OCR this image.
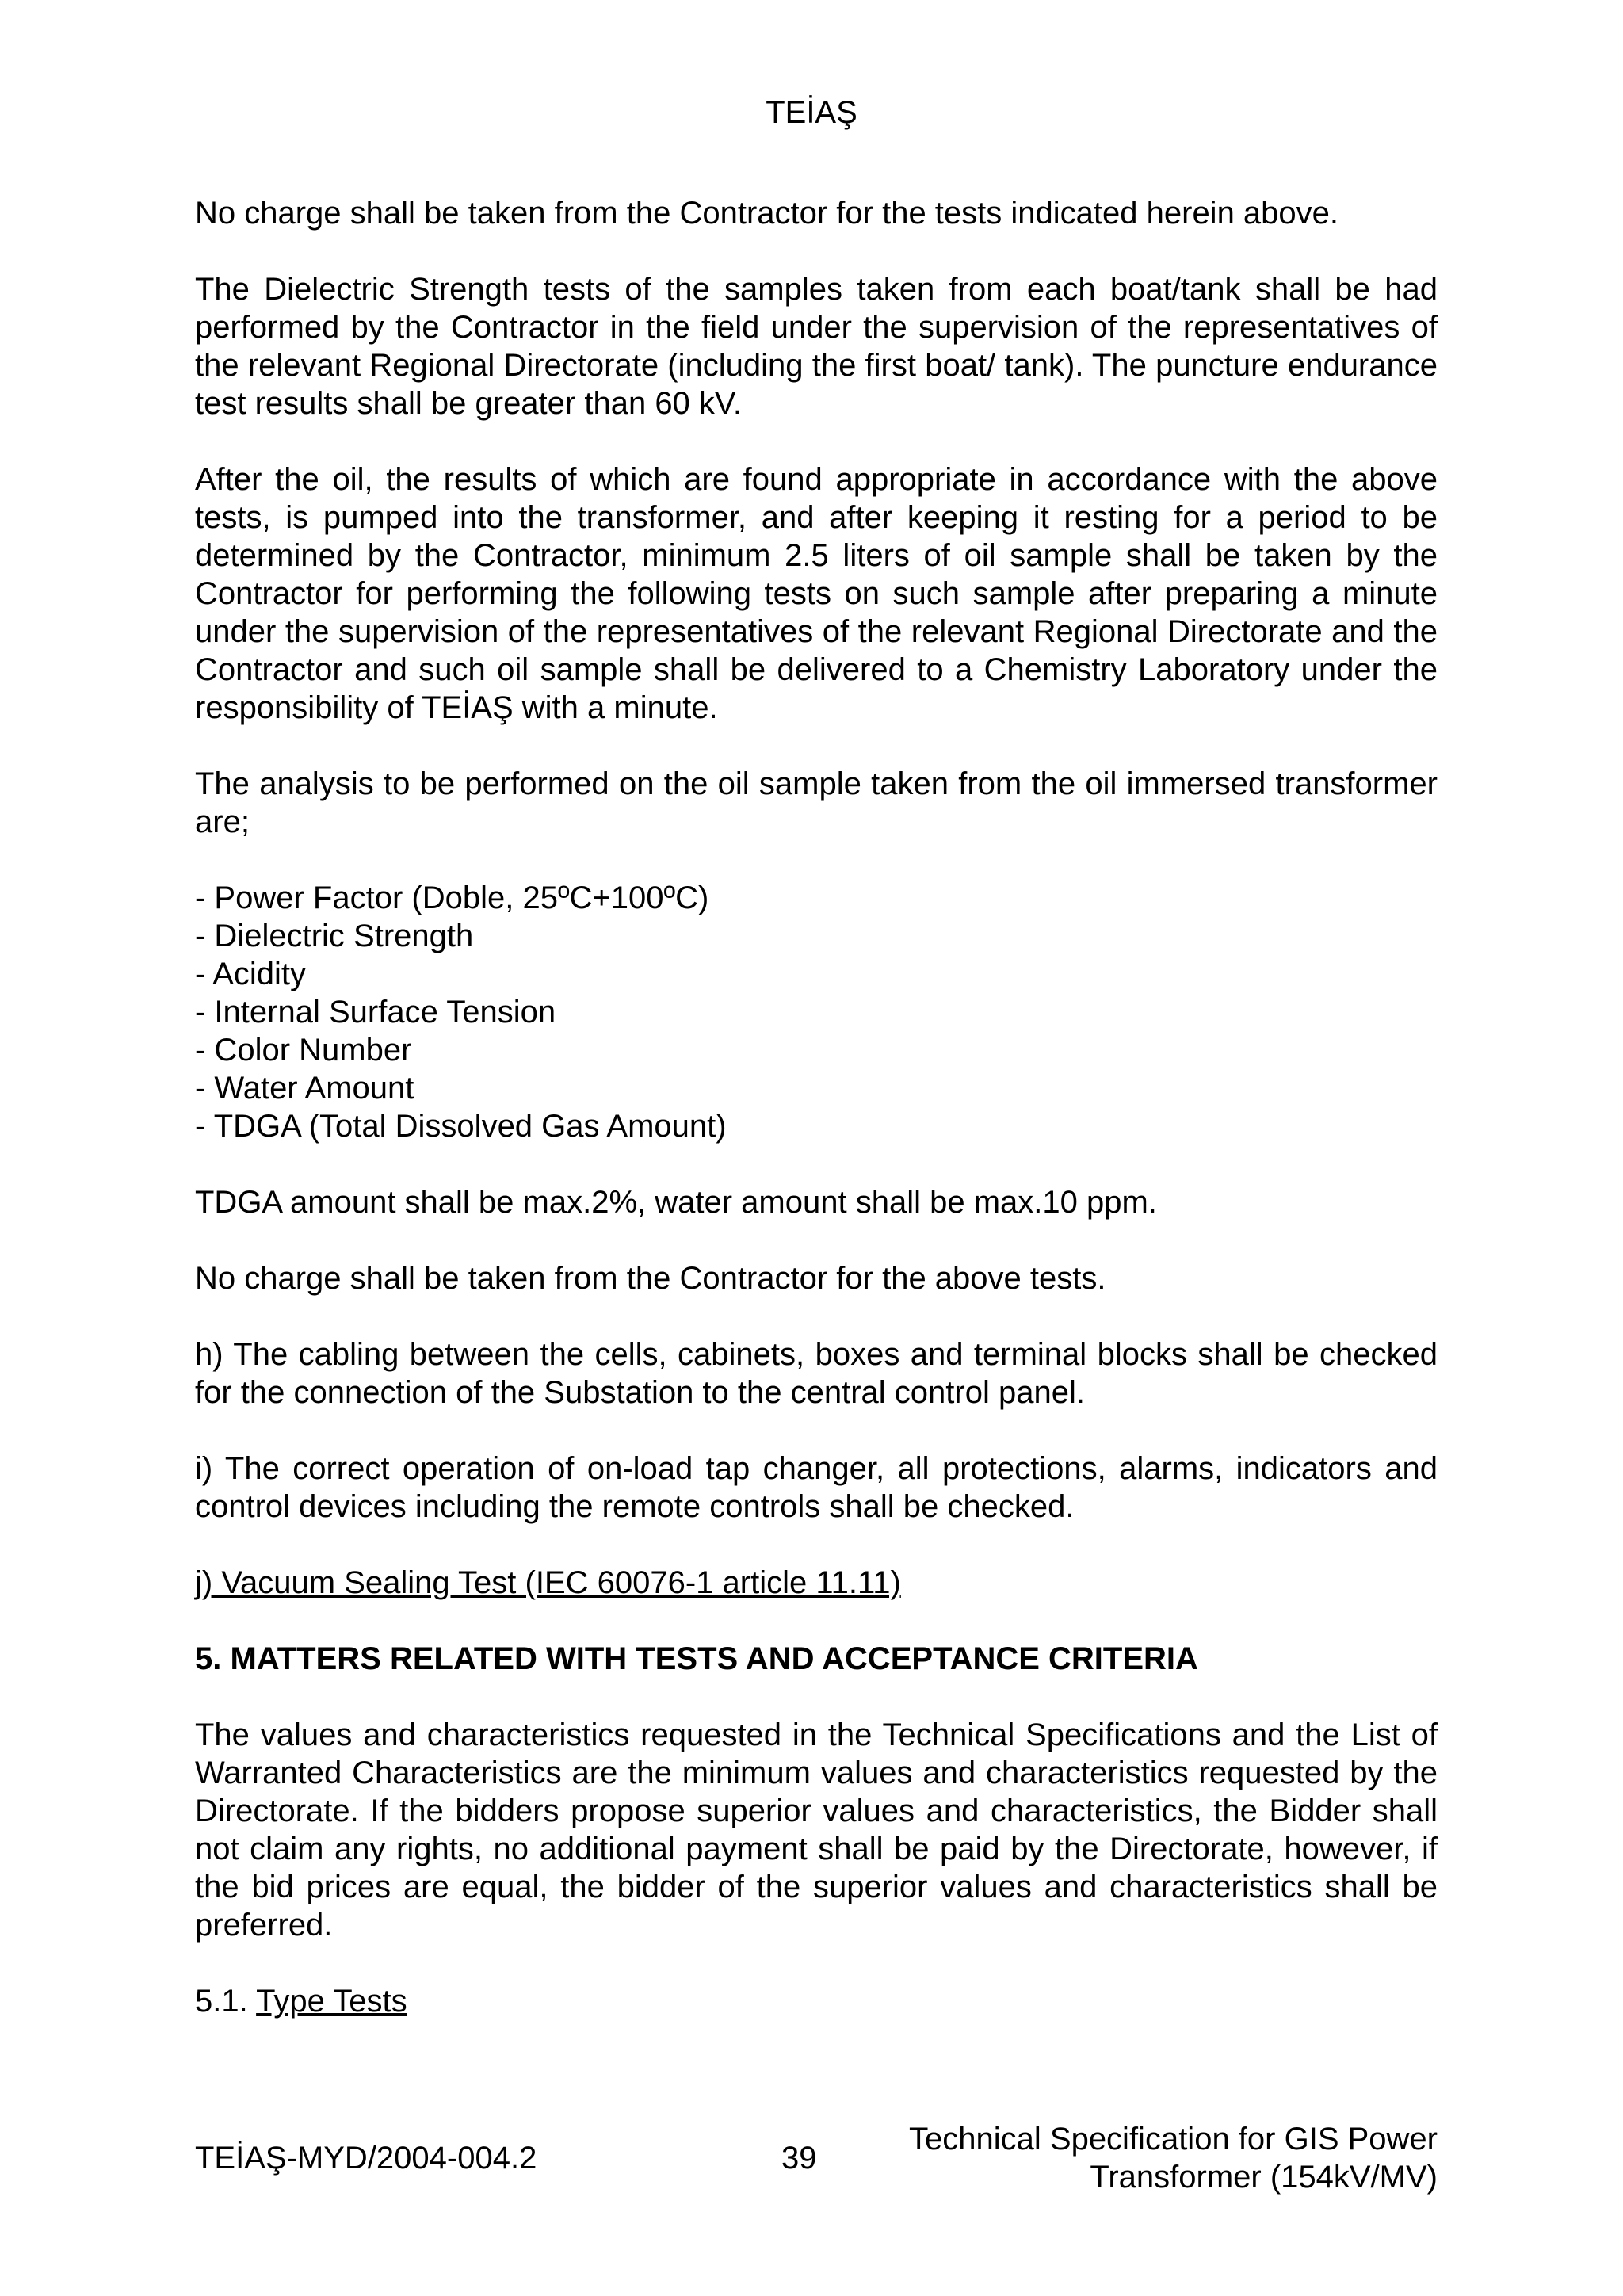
TEİAŞ

No charge shall be taken from the Contractor for the tests indicated herein above.

The Dielectric Strength tests of the samples taken from each boat/tank shall be had performed by the Contractor in the field under the supervision of the representatives of the relevant Regional Directorate (including the first boat/ tank). The puncture endurance test results shall be greater than 60 kV.

After the oil, the results of which are found appropriate in accordance with the above tests, is pumped into the transformer, and after keeping it resting for a period to be determined by the Contractor, minimum 2.5 liters of oil sample shall be taken by the Contractor for performing the following tests on such sample after preparing a minute under the supervision of the representatives of the relevant Regional Directorate and the Contractor and such oil sample shall be delivered to a Chemistry Laboratory under the responsibility of TEİAŞ with a minute.

The analysis to be performed on the oil sample taken from the oil immersed transformer are;

- Power Factor (Doble, 25ºC+100ºC)
- Dielectric Strength
- Acidity
- Internal Surface Tension
- Color Number
- Water Amount
- TDGA (Total Dissolved Gas Amount)

TDGA amount shall be max.2%, water amount shall be max.10 ppm.

No charge shall be taken from the Contractor for the above tests.

h) The cabling between the cells, cabinets, boxes and terminal blocks shall be checked for the connection of the Substation to the central control panel.

i) The correct operation of on-load tap changer, all protections, alarms, indicators and control devices including the remote controls shall be checked.

j) Vacuum Sealing Test (IEC 60076-1 article 11.11)

5. MATTERS RELATED WITH TESTS AND ACCEPTANCE CRITERIA

The values and characteristics requested in the Technical Specifications and the List of Warranted Characteristics are the minimum values and characteristics requested by the Directorate. If the bidders propose superior values and characteristics, the Bidder shall not claim any rights, no additional payment shall be paid by the Directorate, however, if the bid prices are equal, the bidder of the superior values and characteristics shall be preferred.

5.1. Type Tests

TEİAŞ-MYD/2004-004.2	39
Technical Specification for GIS Power
Transformer (154kV/MV)
